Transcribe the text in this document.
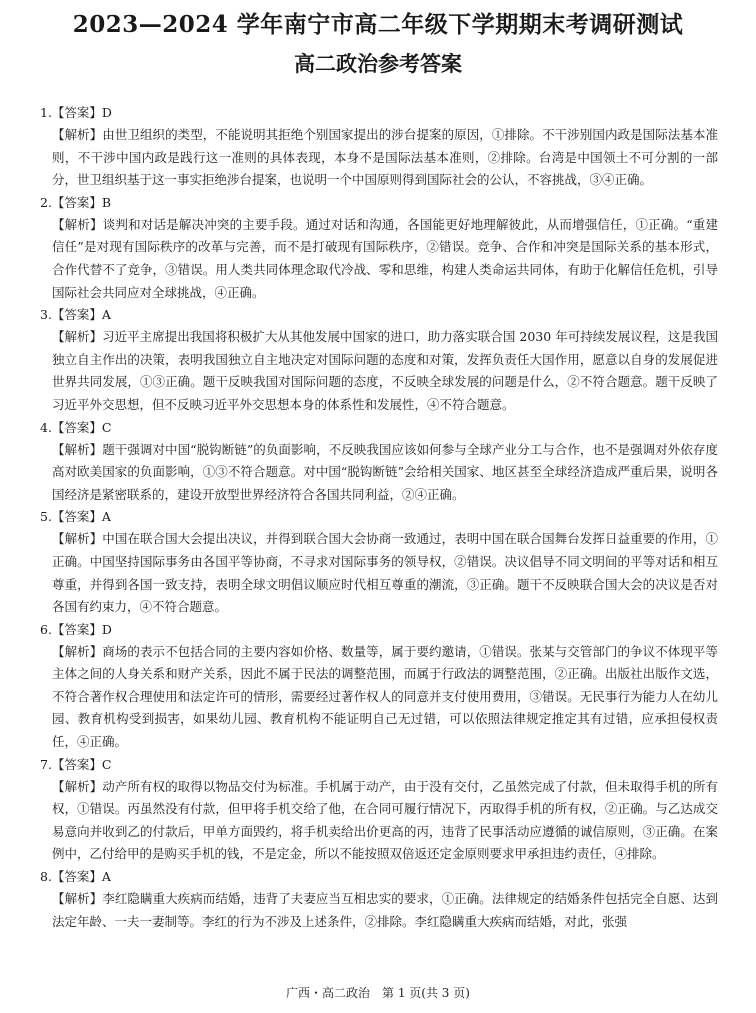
2023—2024 学年南宁市高二年级下学期期末考调研测试
高二政治参考答案
1.【答案】D
【解析】由世卫组织的类型，不能说明其拒绝个别国家提出的涉台提案的原因，①排除。不干涉别国内政是国际法基本准则，不干涉中国内政是践行这一准则的具体表现，本身不是国际法基本准则，②排除。台湾是中国领土不可分割的一部分，世卫组织基于这一事实拒绝涉台提案，也说明一个中国原则得到国际社会的公认，不容挑战，③④正确。
2.【答案】B
【解析】谈判和对话是解决冲突的主要手段。通过对话和沟通，各国能更好地理解彼此，从而增强信任，①正确。“重建信任”是对现有国际秩序的改革与完善，而不是打破现有国际秩序，②错误。竞争、合作和冲突是国际关系的基本形式，合作代替不了竞争，③错误。用人类共同体理念取代冷战、零和思维，构建人类命运共同体，有助于化解信任危机，引导国际社会共同应对全球挑战，④正确。
3.【答案】A
【解析】习近平主席提出我国将积极扩大从其他发展中国家的进口，助力落实联合国 2030 年可持续发展议程，这是我国独立自主作出的决策，表明我国独立自主地决定对国际问题的态度和对策，发挥负责任大国作用，愿意以自身的发展促进世界共同发展，①③正确。题干反映我国对国际问题的态度，不反映全球发展的问题是什么，②不符合题意。题干反映了习近平外交思想，但不反映习近平外交思想本身的体系性和发展性，④不符合题意。
4.【答案】C
【解析】题干强调对中国“脱钩断链”的负面影响，不反映我国应该如何参与全球产业分工与合作，也不是强调对外依存度高对欧美国家的负面影响，①③不符合题意。对中国“脱钩断链”会给相关国家、地区甚至全球经济造成严重后果，说明各国经济是紧密联系的，建设开放型世界经济符合各国共同利益，②④正确。
5.【答案】A
【解析】中国在联合国大会提出决议，并得到联合国大会协商一致通过，表明中国在联合国舞台发挥日益重要的作用，①正确。中国坚持国际事务由各国平等协商，不寻求对国际事务的领导权，②错误。决议倡导不同文明间的平等对话和相互尊重，并得到各国一致支持，表明全球文明倡议顺应时代相互尊重的潮流，③正确。题干不反映联合国大会的决议是否对各国有约束力，④不符合题意。
6.【答案】D
【解析】商场的表示不包括合同的主要内容如价格、数量等，属于要约邀请，①错误。张某与交管部门的争议不体现平等主体之间的人身关系和财产关系，因此不属于民法的调整范围，而属于行政法的调整范围，②正确。出版社出版作文选，不符合著作权合理使用和法定许可的情形，需要经过著作权人的同意并支付使用费用，③错误。无民事行为能力人在幼儿园、教育机构受到损害，如果幼儿园、教育机构不能证明自己无过错，可以依照法律规定推定其有过错，应承担侵权责任，④正确。
7.【答案】C
【解析】动产所有权的取得以物品交付为标准。手机属于动产，由于没有交付，乙虽然完成了付款，但未取得手机的所有权，①错误。丙虽然没有付款，但甲将手机交给了他，在合同可履行情况下，丙取得手机的所有权，②正确。与乙达成交易意向并收到乙的付款后，甲单方面毁约，将手机卖给出价更高的丙，违背了民事活动应遵循的诚信原则，③正确。在案例中，乙付给甲的是购买手机的钱，不是定金，所以不能按照双倍返还定金原则要求甲承担违约责任，④排除。
8.【答案】A
【解析】李红隐瞒重大疾病而结婚，违背了夫妻应当互相忠实的要求，①正确。法律规定的结婚条件包括完全自愿、达到法定年龄、一夫一妻制等。李红的行为不涉及上述条件，②排除。李红隐瞒重大疾病而结婚，对此，张强
广西・高二政治　第 1 页(共 3 页)
